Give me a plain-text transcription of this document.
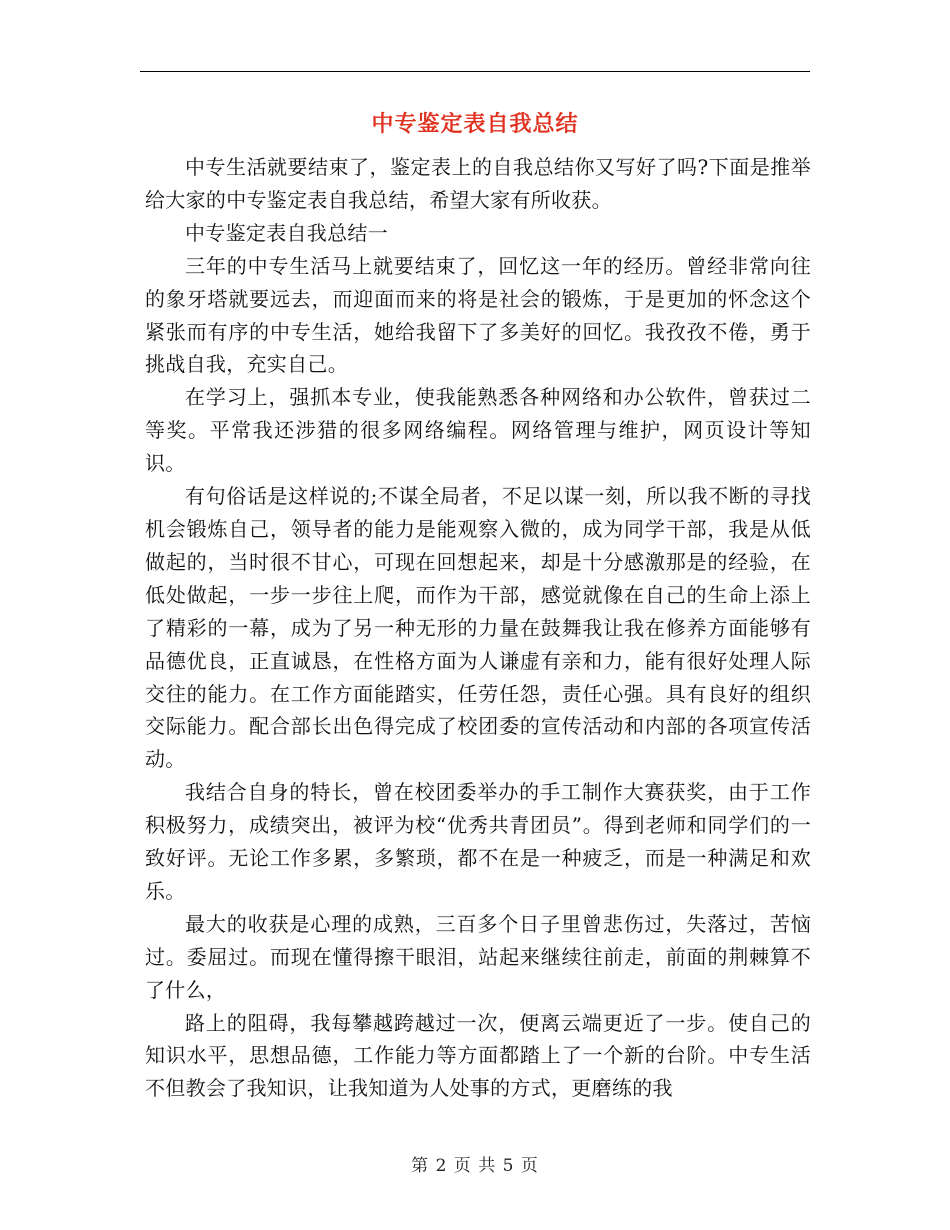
中专鉴定表自我总结

中专生活就要结束了，鉴定表上的自我总结你又写好了吗?下面是推举给大家的中专鉴定表自我总结，希望大家有所收获。

中专鉴定表自我总结一

三年的中专生活马上就要结束了，回忆这一年的经历。曾经非常向往的象牙塔就要远去，而迎面而来的将是社会的锻炼，于是更加的怀念这个紧张而有序的中专生活，她给我留下了多美好的回忆。我孜孜不倦，勇于挑战自我，充实自己。

在学习上，强抓本专业，使我能熟悉各种网络和办公软件，曾获过二等奖。平常我还涉猎的很多网络编程。网络管理与维护，网页设计等知识。

有句俗话是这样说的;不谋全局者，不足以谋一刻，所以我不断的寻找机会锻炼自己，领导者的能力是能观察入微的，成为同学干部，我是从低做起的，当时很不甘心，可现在回想起来，却是十分感激那是的经验，在低处做起，一步一步往上爬，而作为干部，感觉就像在自己的生命上添上了精彩的一幕，成为了另一种无形的力量在鼓舞我让我在修养方面能够有品德优良，正直诚恳，在性格方面为人谦虚有亲和力，能有很好处理人际交往的能力。在工作方面能踏实，任劳任怨，责任心强。具有良好的组织交际能力。配合部长出色得完成了校团委的宣传活动和内部的各项宣传活动。

我结合自身的特长，曾在校团委举办的手工制作大赛获奖，由于工作积极努力，成绩突出，被评为校“优秀共青团员”。得到老师和同学们的一致好评。无论工作多累，多繁琐，都不在是一种疲乏，而是一种满足和欢乐。

最大的收获是心理的成熟，三百多个日子里曾悲伤过，失落过，苦恼过。委屈过。而现在懂得擦干眼泪，站起来继续往前走，前面的荆棘算不了什么，

路上的阻碍，我每攀越跨越过一次，便离云端更近了一步。使自己的知识水平，思想品德，工作能力等方面都踏上了一个新的台阶。中专生活不但教会了我知识，让我知道为人处事的方式，更磨练的我

第 2 页 共 5 页
